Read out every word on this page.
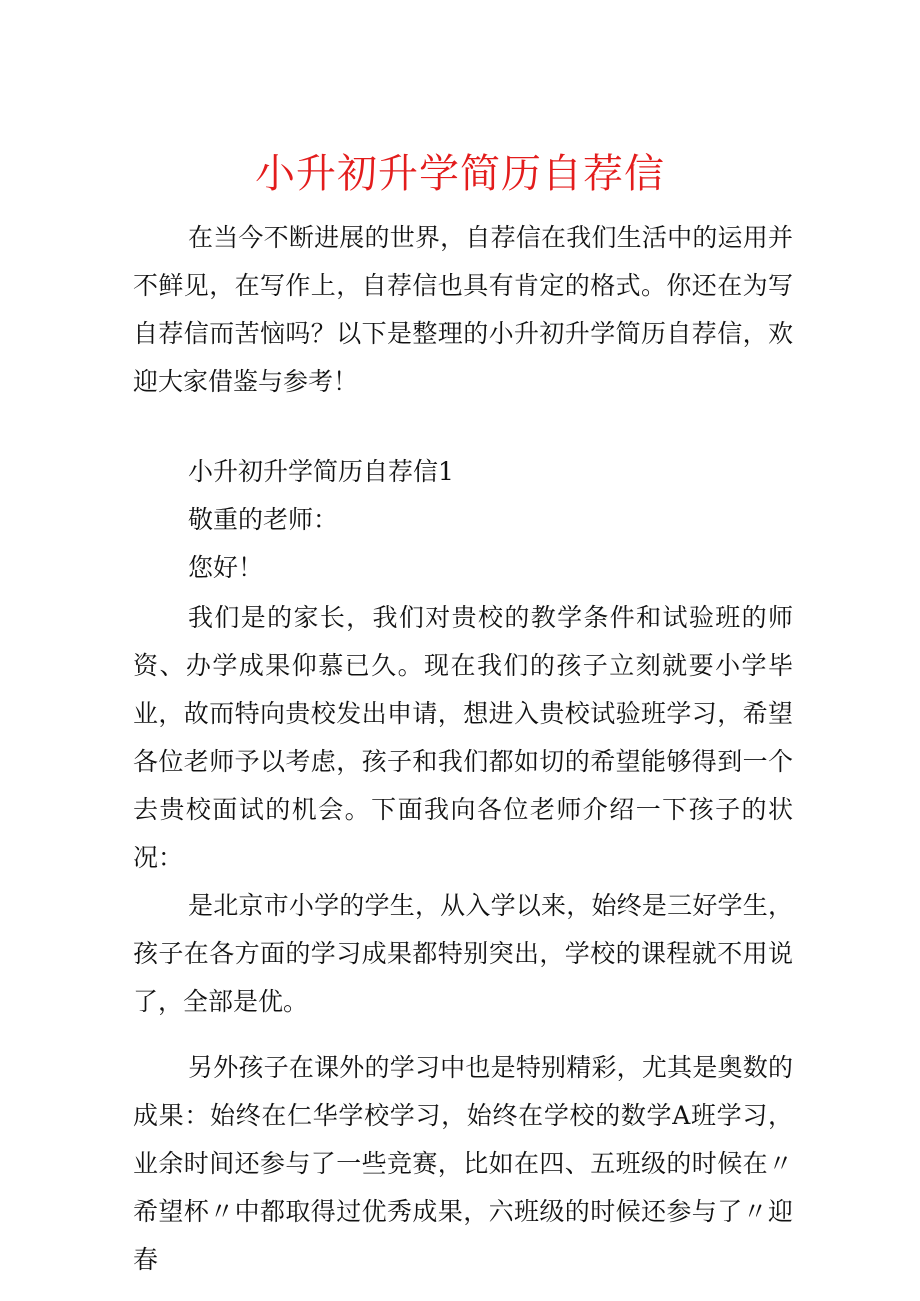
小升初升学简历自荐信

在当今不断进展的世界，自荐信在我们生活中的运用并不鲜见，在写作上，自荐信也具有肯定的格式。你还在为写自荐信而苦恼吗？以下是整理的小升初升学简历自荐信，欢迎大家借鉴与参考！

小升初升学简历自荐信1

敬重的老师：

您好！

我们是的家长，我们对贵校的教学条件和试验班的师资、办学成果仰慕已久。现在我们的孩子立刻就要小学毕业，故而特向贵校发出申请，想进入贵校试验班学习，希望各位老师予以考虑，孩子和我们都如切的希望能够得到一个去贵校面试的机会。下面我向各位老师介绍一下孩子的状况：

是北京市小学的学生，从入学以来，始终是三好学生，孩子在各方面的学习成果都特别突出，学校的课程就不用说了，全部是优。

另外孩子在课外的学习中也是特别精彩，尤其是奥数的成果：始终在仁华学校学习，始终在学校的数学A班学习，业余时间还参与了一些竞赛，比如在四、五班级的时候在〃希望杯〃中都取得过优秀成果，六班级的时候还参与了〃迎春
